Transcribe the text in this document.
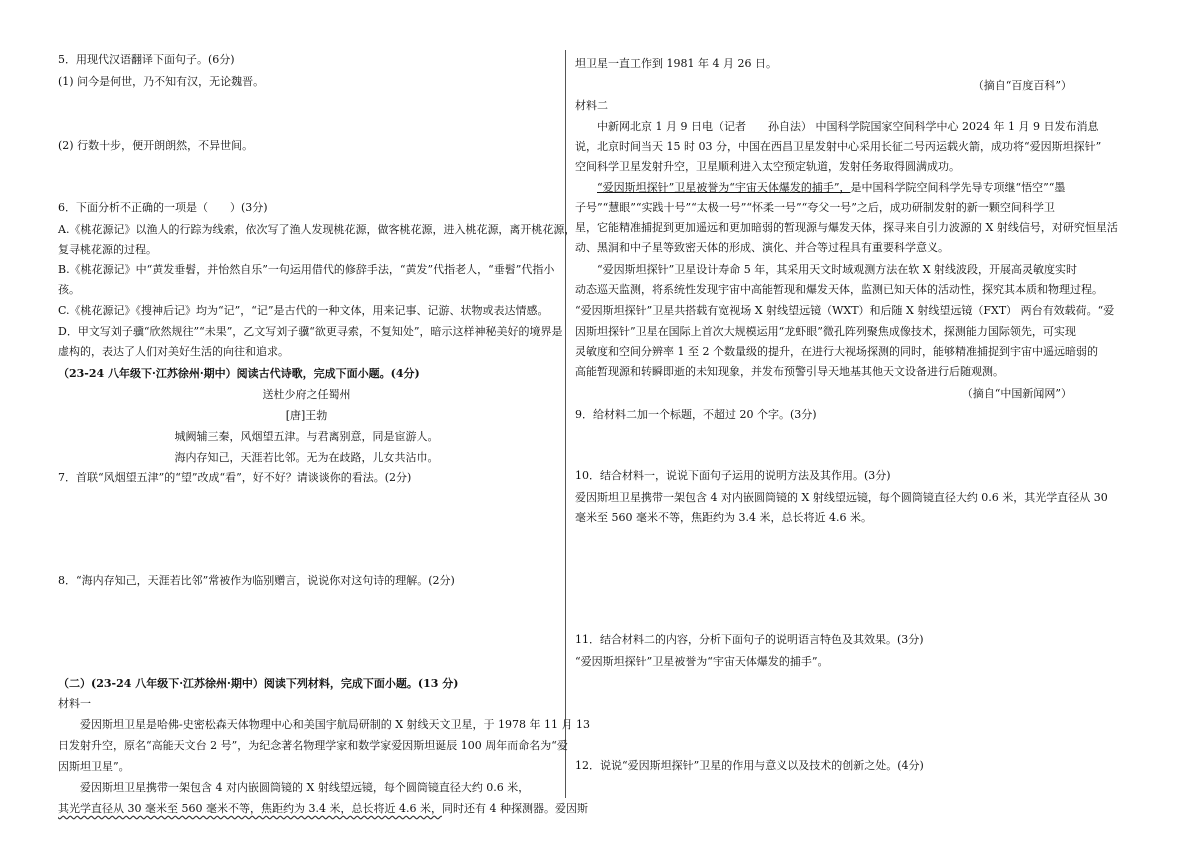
5．用现代汉语翻译下面句子。(6分)
(1) 问今是何世，乃不知有汉，无论魏晋。
(2) 行数十步，便开朗朗然，不异世间。
6．下面分析不正确的一项是（　　）(3分)
A.《桃花源记》以渔人的行踪为线索，依次写了渔人发现桃花源，做客桃花源，进入桃花源，离开桃花源，
复寻桃花源的过程。
B.《桃花源记》中“黄发垂髫，并怡然自乐”一句运用借代的修辞手法，“黄发”代指老人，“垂髫”代指小
孩。
C.《桃花源记》《搜神后记》均为“记”，“记”是古代的一种文体，用来记事、记游、状物或表达情感。
D．甲文写刘子骥“欣然规往”“未果”，乙文写刘子骥“欲更寻索，不复知处”，暗示这样神秘美好的境界是
虚构的，表达了人们对美好生活的向往和追求。
（23-24 八年级下·江苏徐州·期中）阅读古代诗歌，完成下面小题。(4分)
送杜少府之任蜀州
[唐]王勃
城阙辅三秦，风烟望五津。与君离别意，同是宦游人。
海内存知己，天涯若比邻。无为在歧路，儿女共沾巾。
7．首联“风烟望五津”的“望”改成“看”，好不好？请谈谈你的看法。(2分)
8．“海内存知己，天涯若比邻”常被作为临别赠言，说说你对这句诗的理解。(2分)
（二）(23-24 八年级下·江苏徐州·期中）阅读下列材料，完成下面小题。(13 分)
材料一
爱因斯坦卫星是哈佛-史密松森天体物理中心和美国宇航局研制的 X 射线天文卫星，于 1978 年 11 月 13
日发射升空，原名“高能天文台 2 号”，为纪念著名物理学家和数学家爱因斯坦诞辰 100 周年而命名为“爱
因斯坦卫星”。
爱因斯坦卫星携带一架包含 4 对内嵌圆筒镜的 X 射线望远镜，每个圆筒镜直径大约 0.6 米，
其光学直径从 30 毫米至 560 毫米不等，焦距约为 3.4 米，总长将近 4.6 米，同时还有 4 种探测器。爱因斯
坦卫星一直工作到 1981 年 4 月 26 日。
（摘自“百度百科”）
材料二
中新网北京 1 月 9 日电（记者　　孙自法） 中国科学院国家空间科学中心 2024 年 1 月 9 日发布消息
说，北京时间当天 15 时 03 分，中国在西昌卫星发射中心采用长征二号丙运载火箭，成功将“爱因斯坦探针”
空间科学卫星发射升空，卫星顺利进入太空预定轨道，发射任务取得圆满成功。
“爱因斯坦探针”卫星被誉为“宇宙天体爆发的捕手”，是中国科学院空间科学先导专项继“悟空”“墨
子号”“慧眼”“实践十号”“太极一号”“怀柔一号”“夸父一号”之后，成功研制发射的新一颗空间科学卫
星，它能精准捕捉到更加遥远和更加暗弱的暂现源与爆发天体，探寻来自引力波源的 X 射线信号，对研究恒星活
动、黑洞和中子星等致密天体的形成、演化、并合等过程具有重要科学意义。
“爱因斯坦探针”卫星设计寿命 5 年，其采用天文时域观测方法在软 X 射线波段，开展高灵敏度实时
动态巡天监测，将系统性发现宇宙中高能暂现和爆发天体，监测已知天体的活动性，探究其本质和物理过程。
“爱因斯坦探针”卫星共搭载有宽视场 X 射线望远镜（WXT）和后随 X 射线望远镜（FXT） 两台有效载荷。“爱
因斯坦探针”卫星在国际上首次大规模运用“龙虾眼”微孔阵列聚焦成像技术，探测能力国际领先，可实现
灵敏度和空间分辨率 1 至 2 个数量级的提升，在进行大视场探测的同时，能够精准捕捉到宇宙中遥远暗弱的
高能暂现源和转瞬即逝的未知现象，并发布预警引导天地基其他天文设备进行后随观测。
（摘自“中国新闻网”）
9．给材料二加一个标题，不超过 20 个字。(3分)
10．结合材料一，说说下面句子运用的说明方法及其作用。(3分)
爱因斯坦卫星携带一架包含 4 对内嵌圆筒镜的 X 射线望远镜，每个圆筒镜直径大约 0.6 米，其光学直径从 30
毫米至 560 毫米不等，焦距约为 3.4 米，总长将近 4.6 米。
11．结合材料二的内容，分析下面句子的说明语言特色及其效果。(3分)
“爱因斯坦探针”卫星被誉为“宇宙天体爆发的捕手”。
12．说说“爱因斯坦探针”卫星的作用与意义以及技术的创新之处。(4分)
